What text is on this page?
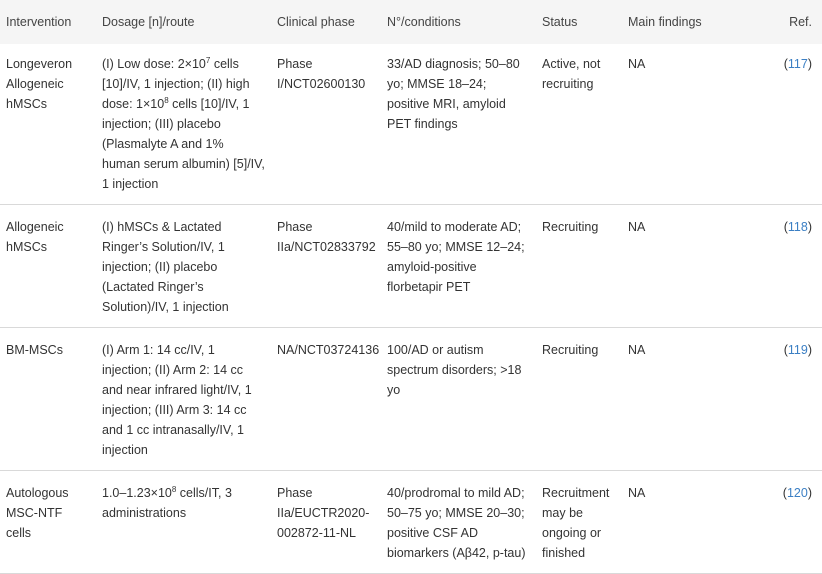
Intervention	Dosage [n]/route	Clinical phase	N°/conditions	Status	Main findings	Ref.
Longeveron Allogeneic hMSCs	(I) Low dose: $2\times 10^7$ cells [10]/IV, 1 injection; (II) high dose: $1\times 10^8$ cells [10]/IV, 1 injection; (III) placebo (Plasmalyte A and 1% human serum albumin) [5]/IV, 1 injection	Phase I/NCT02600130	33/AD diagnosis; 50–80 yo; MMSE 18–24; positive MRI, amyloid PET findings	Active, not recruiting	NA	(117)
Allogeneic hMSCs	(I) hMSCs & Lactated Ringer’s Solution/IV, 1 injection; (II) placebo (Lactated Ringer’s Solution)/IV, 1 injection	Phase IIa/NCT02833792	40/mild to moderate AD; 55–80 yo; MMSE 12–24; amyloid-positive florbetapir PET	Recruiting	NA	(118)
BM-MSCs	(I) Arm 1: 14 cc/IV, 1 injection; (II) Arm 2: 14 cc and near infrared light/IV, 1 injection; (III) Arm 3: 14 cc and 1 cc intranasally/IV, 1 injection	NA/NCT03724136	100/AD or autism spectrum disorders; >18 yo	Recruiting	NA	(119)
Autologous MSC-NTF cells	$1.0-1.23\times 10^8$ cells/IT, 3 administrations	Phase IIa/EUCTR2020-002872-11-NL	40/prodromal to mild AD; 50–75 yo; MMSE 20–30; positive CSF AD biomarkers (Aβ42, p-tau)	Recruitment may be ongoing or finished	NA	(120)
